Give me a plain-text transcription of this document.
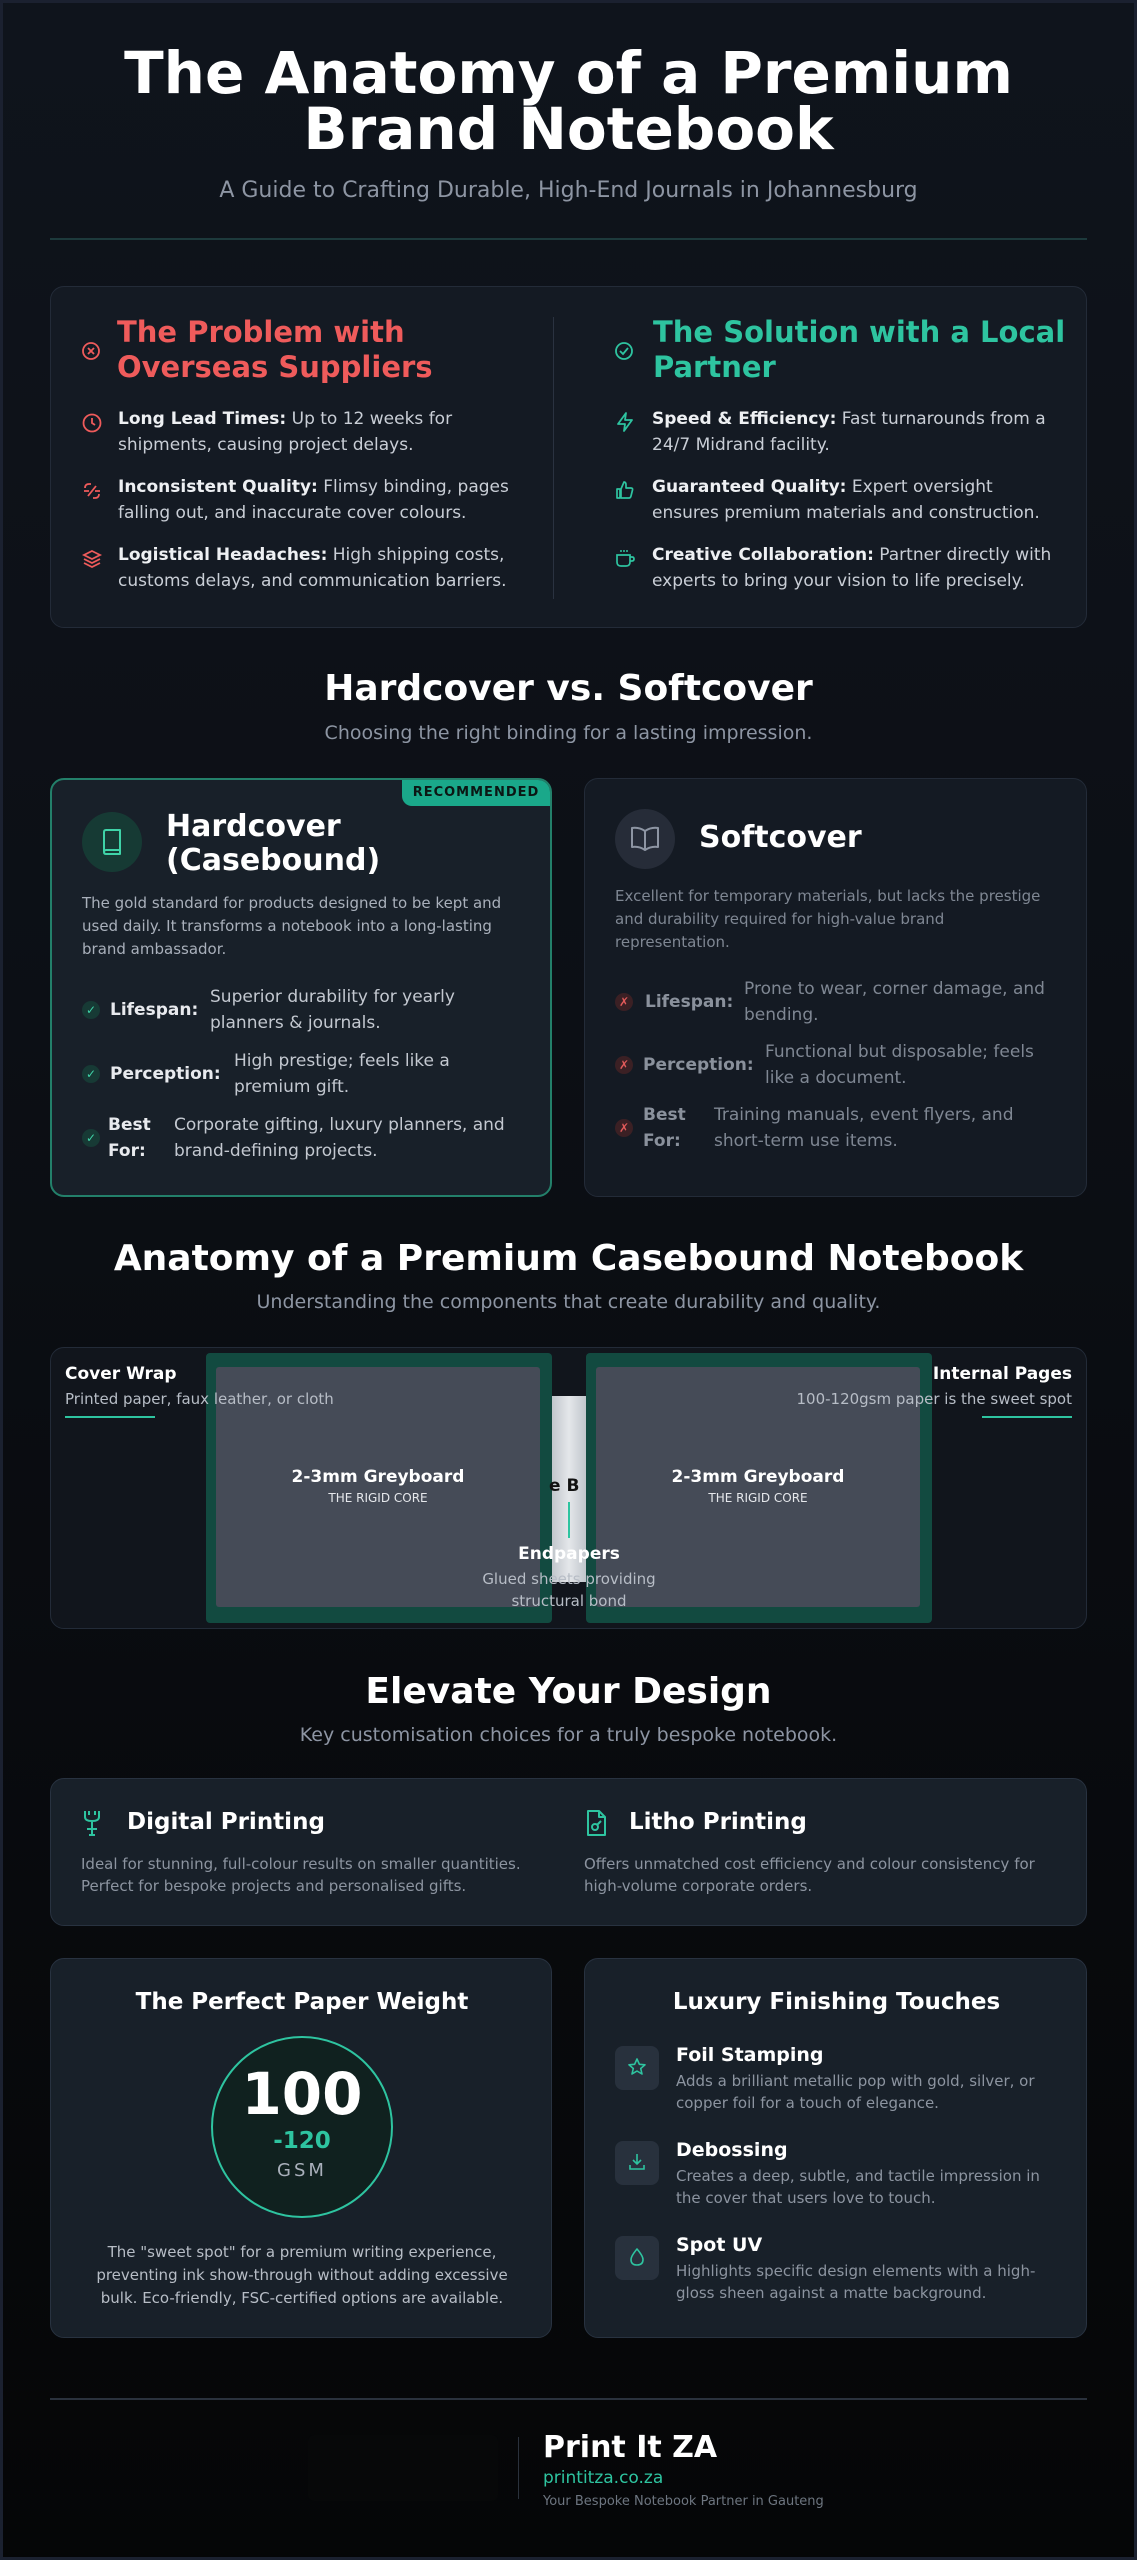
The Anatomy of a Premium
Brand Notebook
A Guide to Crafting Durable, High-End Journals in Johannesburg
The Problem with
Overseas Suppliers
Long Lead Times: Up to 12 weeks for
shipments, causing project delays.
Inconsistent Quality: Flimsy binding, pages
falling out, and inaccurate cover colours.
Logistical Headaches: High shipping costs,
customs delays, and communication barriers.
The Solution with a Local
Partner
Speed & Efficiency: Fast turnarounds from a
24/7 Midrand facility.
Guaranteed Quality: Expert oversight
ensures premium materials and construction.
Creative Collaboration: Partner directly with
experts to bring your vision to life precisely.
Hardcover vs. Softcover
Choosing the right binding for a lasting impression.
RECOMMENDED
Hardcover
(Casebound)
The gold standard for products designed to be kept and
used daily. It transforms a notebook into a long-lasting
brand ambassador.
✓ Lifespan:
Superior durability for yearly
planners & journals.
✓ Perception:
High prestige; feels like a
premium gift.
✓
Best
For:
Corporate gifting, luxury planners, and
brand-defining projects.
Softcover
Excellent for temporary materials, but lacks the prestige
and durability required for high-value brand
representation.
✗ Lifespan:
Prone to wear, corner damage, and
bending.
✗ Perception:
Functional but disposable; feels
like a document.
✗
Best
For:
Training manuals, event flyers, and
short-term use items.
Anatomy of a Premium Casebound Notebook
Understanding the components that create durability and quality.
2-3mm Greyboard
THE RIGID CORE
2-3mm Greyboard
THE RIGID CORE
e B
Endpapers
Glued sheets providing
structural bond
Cover Wrap
Printed paper, faux leather, or cloth
Internal Pages
100-120gsm paper is the sweet spot
Elevate Your Design
Key customisation choices for a truly bespoke notebook.
Digital Printing
Ideal for stunning, full-colour results on smaller quantities.
Perfect for bespoke projects and personalised gifts.
Litho Printing
Offers unmatched cost efficiency and colour consistency for
high-volume corporate orders.
The Perfect Paper Weight
100
-120
GSM
The "sweet spot" for a premium writing experience,
preventing ink show-through without adding excessive
bulk. Eco-friendly, FSC-certified options are available.
Luxury Finishing Touches
Foil Stamping
Adds a brilliant metallic pop with gold, silver, or
copper foil for a touch of elegance.
Debossing
Creates a deep, subtle, and tactile impression in
the cover that users love to touch.
Spot UV
Highlights specific design elements with a high-
gloss sheen against a matte background.
Print It ZA
printitza.co.za
Your Bespoke Notebook Partner in Gauteng
